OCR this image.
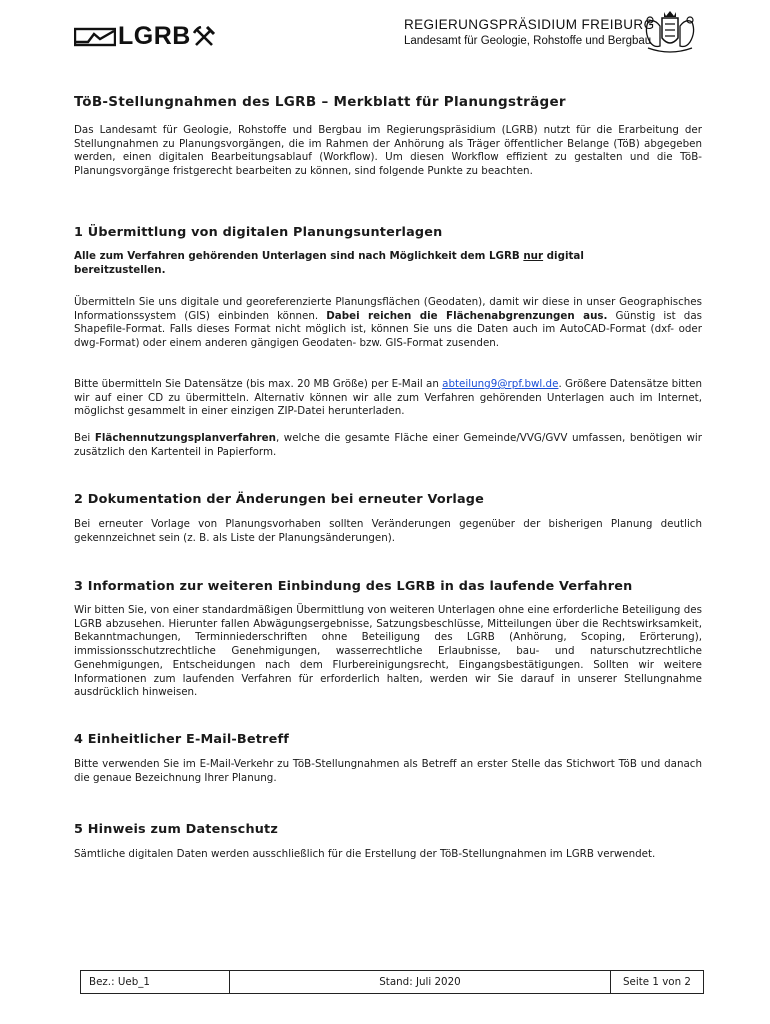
LGRB	REGIERUNGSPRÄSIDIUM FREIBURG
Landesamt für Geologie, Rohstoffe und Bergbau
TöB-Stellungnahmen des LGRB – Merkblatt für Planungsträger

Das Landesamt für Geologie, Rohstoffe und Bergbau im Regierungspräsidium (LGRB) nutzt für die Erarbeitung der Stellungnahmen zu Planungsvorgängen, die im Rahmen der Anhörung als Träger öffentlicher Belange (TöB) abgegeben werden, einen digitalen Bearbeitungsablauf (Workflow). Um diesen Workflow effizient zu gestalten und die TöB-Planungsvorgänge fristgerecht bearbeiten zu können, sind folgende Punkte zu beachten.

1 Übermittlung von digitalen Planungsunterlagen

Alle zum Verfahren gehörenden Unterlagen sind nach Möglichkeit dem LGRB nur digital bereitzustellen.

Übermitteln Sie uns digitale und georeferenzierte Planungsflächen (Geodaten), damit wir diese in unser Geographisches Informationssystem (GIS) einbinden können. Dabei reichen die Flächenabgrenzungen aus. Günstig ist das Shapefile-Format. Falls dieses Format nicht möglich ist, können Sie uns die Daten auch im AutoCAD-Format (dxf- oder dwg-Format) oder einem anderen gängigen Geodaten- bzw. GIS-Format zusenden.

Bitte übermitteln Sie Datensätze (bis max. 20 MB Größe) per E-Mail an abteilung9@rpf.bwl.de. Größere Datensätze bitten wir auf einer CD zu übermitteln. Alternativ können wir alle zum Verfahren gehörenden Unterlagen auch im Internet, möglichst gesammelt in einer einzigen ZIP-Datei herunterladen.

Bei Flächennutzungsplanverfahren, welche die gesamte Fläche einer Gemeinde/VVG/GVV umfassen, benötigen wir zusätzlich den Kartenteil in Papierform.

2 Dokumentation der Änderungen bei erneuter Vorlage

Bei erneuter Vorlage von Planungsvorhaben sollten Veränderungen gegenüber der bisherigen Planung deutlich gekennzeichnet sein (z. B. als Liste der Planungsänderungen).

3 Information zur weiteren Einbindung des LGRB in das laufende Verfahren

Wir bitten Sie, von einer standardmäßigen Übermittlung von weiteren Unterlagen ohne eine erforderliche Beteiligung des LGRB abzusehen. Hierunter fallen Abwägungsergebnisse, Satzungsbeschlüsse, Mitteilungen über die Rechtswirksamkeit, Bekanntmachungen, Terminniederschriften ohne Beteiligung des LGRB (Anhörung, Scoping, Erörterung), immissionsschutzrechtliche Genehmigungen, wasserrechtliche Erlaubnisse, bau- und naturschutzrechtliche Genehmigungen, Entscheidungen nach dem Flurbereinigungsrecht, Eingangsbestätigungen. Sollten wir weitere Informationen zum laufenden Verfahren für erforderlich halten, werden wir Sie darauf in unserer Stellungnahme ausdrücklich hinweisen.

4 Einheitlicher E-Mail-Betreff

Bitte verwenden Sie im E-Mail-Verkehr zu TöB-Stellungnahmen als Betreff an erster Stelle das Stichwort TöB und danach die genaue Bezeichnung Ihrer Planung.

5 Hinweis zum Datenschutz

Sämtliche digitalen Daten werden ausschließlich für die Erstellung der TöB-Stellungnahmen im LGRB verwendet.

Bez.: Ueb_1	Stand: Juli 2020	Seite 1 von 2
